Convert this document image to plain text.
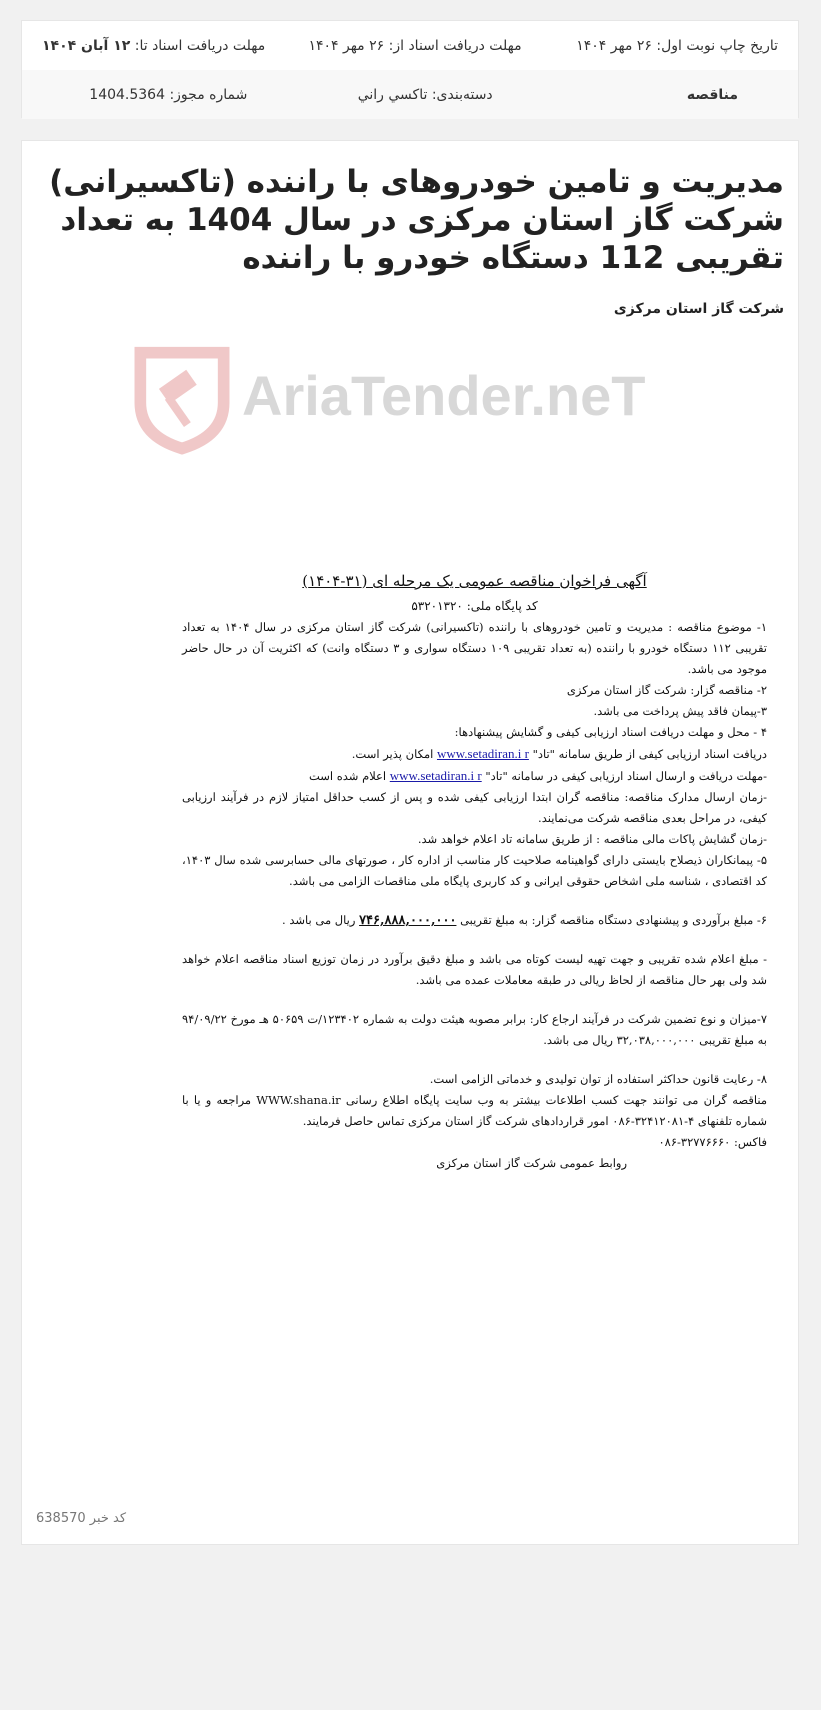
تاریخ چاپ نوبت اول: ۲۶ مهر ۱۴۰۴
مهلت دریافت اسناد از: ۲۶ مهر ۱۴۰۴
مهلت دریافت اسناد تا: ۱۲ آبان ۱۴۰۴
مناقصه
دسته‌بندی: تاکسي راني
شماره مجوز: 1404.5364
مدیریت و تامین خودروهای با راننده (تاکسیرانی) شرکت گاز استان مرکزی در سال 1404 به تعداد تقریبی 112 دستگاه خودرو با راننده
شرکت گاز استان مرکزی
AriaTender.neT

آگهی فراخوان مناقصه عمومی یک مرحله ای (۳۱-۱۴۰۴)

کد پایگاه ملی: ۵۳۲۰۱۳۲۰

۱- موضوع مناقصه : مدیریت و تامین خودروهای با راننده (تاکسیرانی) شرکت گاز استان مرکزی در سال ۱۴۰۴ به تعداد تقریبی ۱۱۲ دستگاه خودرو با راننده (به تعداد تقریبی ۱۰۹ دستگاه سواری و ۳ دستگاه وانت) که اکثریت آن در حال حاضر موجود می باشد.

۲- مناقصه گزار: شرکت گاز استان مرکزی

۳-پیمان فاقد پیش پرداخت می باشد.

۴ - محل و مهلت دریافت اسناد ارزیابی کیفی و گشایش پیشنهادها:

دریافت اسناد ارزیابی کیفی از طریق سامانه "تاد" www.setadiran.i r امکان پذیر است.

-مهلت دریافت و ارسال اسناد ارزیابی کیفی در سامانه "تاد" www.setadiran.i r اعلام شده است

-زمان ارسال مدارک مناقصه: مناقصه گران ابتدا ارزیابی کیفی شده و پس از کسب حداقل امتیاز لازم در فرآیند ارزیابی کیفی، در مراحل بعدی مناقصه شرکت می‌نمایند.

-زمان گشایش پاکات مالی مناقصه : از طریق سامانه تاد اعلام خواهد شد.

۵- پیمانکاران ذیصلاح بایستی دارای گواهینامه صلاحیت کار مناسب از اداره کار ، صورتهای مالی حسابرسی شده سال ۱۴۰۳، کد اقتصادی ، شناسه ملی اشخاص حقوقی ایرانی و کد کاربری پایگاه ملی مناقصات الزامی می باشد.

۶- مبلغ برآوردی و پیشنهادی دستگاه مناقصه گزار: به مبلغ تقریبی ۷۴۶,۸۸۸,۰۰۰,۰۰۰ ریال می باشد .

- مبلغ اعلام شده تقریبی و جهت تهیه لیست کوتاه می باشد و مبلغ دقیق برآورد در زمان توزیع اسناد مناقصه اعلام خواهد شد ولی بهر حال مناقصه از لحاظ ریالی در طبقه معاملات عمده می باشد.

۷-میزان و نوع تضمین شرکت در فرآیند ارجاع کار: برابر مصوبه هیئت دولت به شماره ۱۲۳۴۰۲/ت ۵۰۶۵۹ هـ مورخ ۹۴/۰۹/۲۲ به مبلغ تقریبی ۳۲,۰۳۸,۰۰۰,۰۰۰ ریال می باشد.

۸- رعایت قانون حداکثر استفاده از توان تولیدی و خدماتی الزامی است.

مناقصه گران می توانند جهت کسب اطلاعات بیشتر به وب سایت پایگاه اطلاع رسانی WWW.shana.ir مراجعه و یا با شماره تلفنهای ۴-۳۲۴۱۲۰۸۱-۰۸۶ امور قراردادهای شرکت گاز استان مرکزی تماس حاصل فرمایند.

فاکس: ۳۲۷۷۶۶۶۰-۰۸۶

روابط عمومی شرکت گاز استان مرکزی

کد خبر 638570
